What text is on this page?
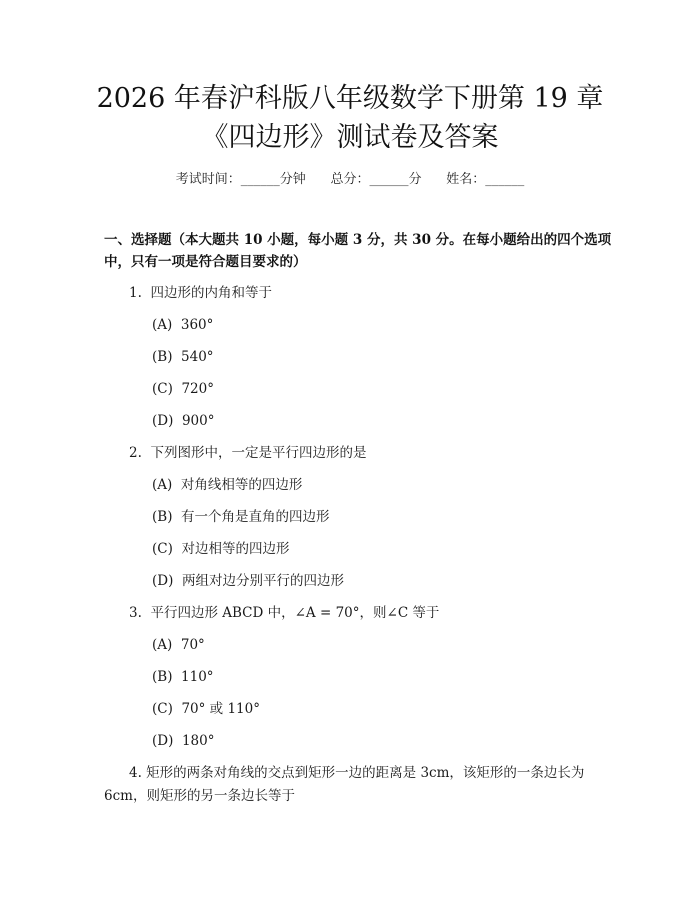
2026 年春沪科版八年级数学下册第 19 章
《四边形》测试卷及答案
考试时间：______分钟      总分：______分      姓名：______
一、选择题（本大题共 10 小题，每小题 3 分，共 30 分。在每小题给出的四个选项中，只有一项是符合题目要求的）
1.  四边形的内角和等于
(A)  360°
(B)  540°
(C)  720°
(D)  900°
2.  下列图形中，一定是平行四边形的是
(A)  对角线相等的四边形
(B)  有一个角是直角的四边形
(C)  对边相等的四边形
(D)  两组对边分别平行的四边形
3.  平行四边形 ABCD 中，∠A = 70°，则∠C 等于
(A)  70°
(B)  110°
(C)  70° 或 110°
(D)  180°
4. 矩形的两条对角线的交点到矩形一边的距离是 3cm，该矩形的一条边长为 6cm，则矩形的另一条边长等于
